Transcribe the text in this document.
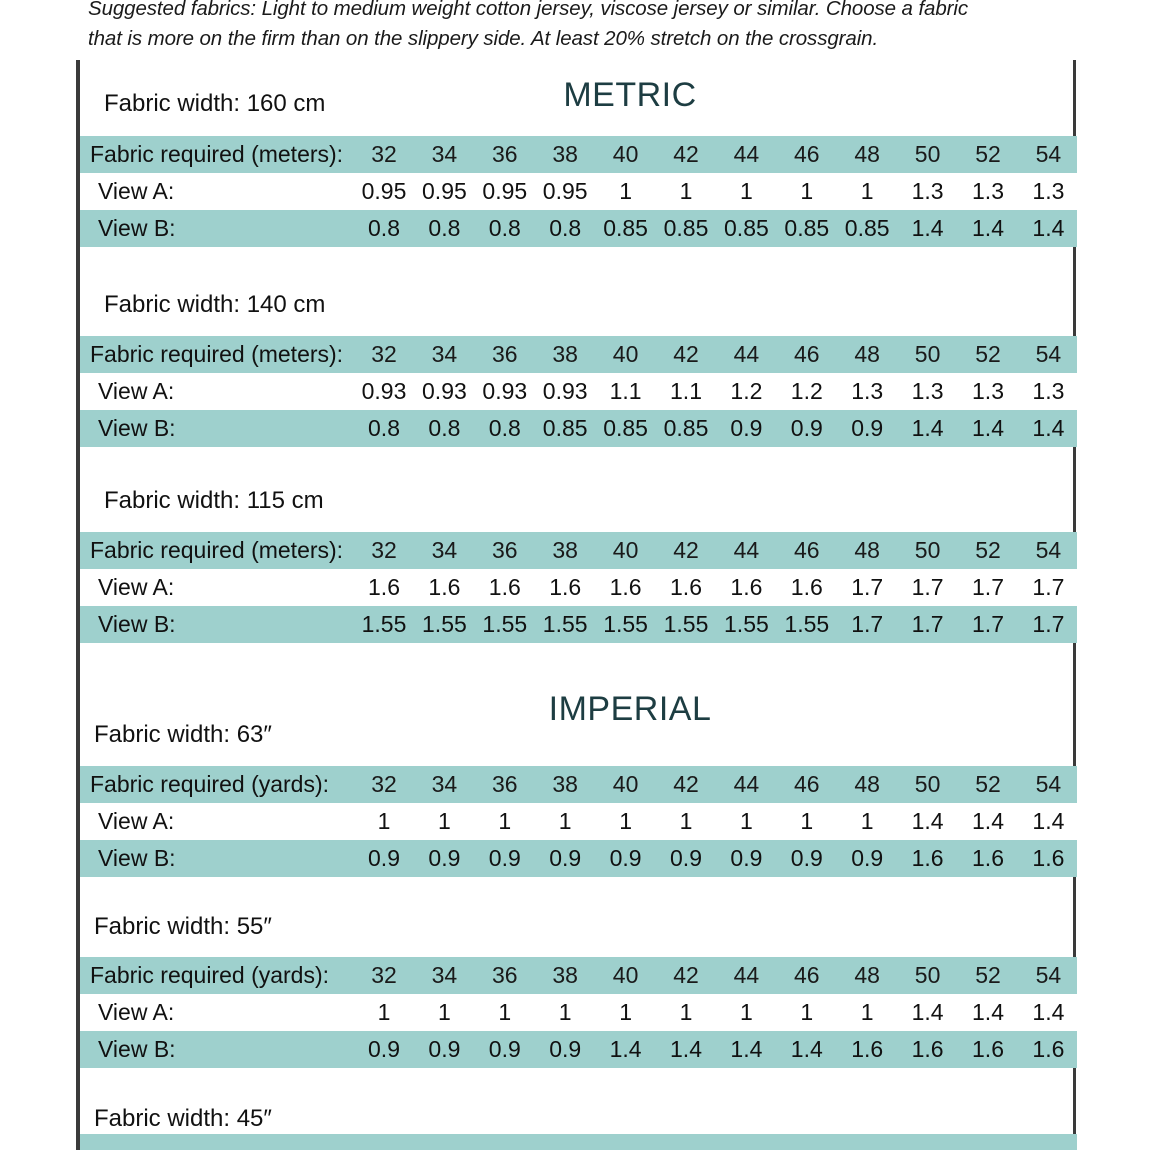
Suggested fabrics: Light to medium weight cotton jersey, viscose jersey or similar. Choose a fabric
that is more on the firm than on the slippery side. At least 20% stretch on the crossgrain.
METRIC
Fabric width: 160 cm
Fabric required (meters): 32 34 36 38 40 42 44 46 48 50 52 54
View A:	0.95 0.95 0.95 0.95 1 1 1 1 1 1.3 1.3 1.3
View B:	0.8 0.8 0.8 0.8 0.85 0.85 0.85 0.85 0.85 1.4 1.4 1.4
Fabric width: 140 cm
Fabric required (meters): 32 34 36 38 40 42 44 46 48 50 52 54
View A:	0.93 0.93 0.93 0.93 1.1 1.1 1.2 1.2 1.3 1.3 1.3 1.3
View B:	0.8 0.8 0.8 0.85 0.85 0.85 0.9 0.9 0.9 1.4 1.4 1.4
Fabric width: 115 cm
Fabric required (meters): 32 34 36 38 40 42 44 46 48 50 52 54
View A:	1.6 1.6 1.6 1.6 1.6 1.6 1.6 1.6 1.7 1.7 1.7 1.7
View B:	1.55 1.55 1.55 1.55 1.55 1.55 1.55 1.55 1.7 1.7 1.7 1.7
IMPERIAL
Fabric width: 63″
Fabric required (yards): 32 34 36 38 40 42 44 46 48 50 52 54
View A:	1 1 1 1 1 1 1 1 1 1.4 1.4 1.4
View B:	0.9 0.9 0.9 0.9 0.9 0.9 0.9 0.9 0.9 1.6 1.6 1.6
Fabric width: 55″
Fabric required (yards): 32 34 36 38 40 42 44 46 48 50 52 54
View A:	1 1 1 1 1 1 1 1 1 1.4 1.4 1.4
View B:	0.9 0.9 0.9 0.9 1.4 1.4 1.4 1.4 1.6 1.6 1.6 1.6
Fabric width: 45″
